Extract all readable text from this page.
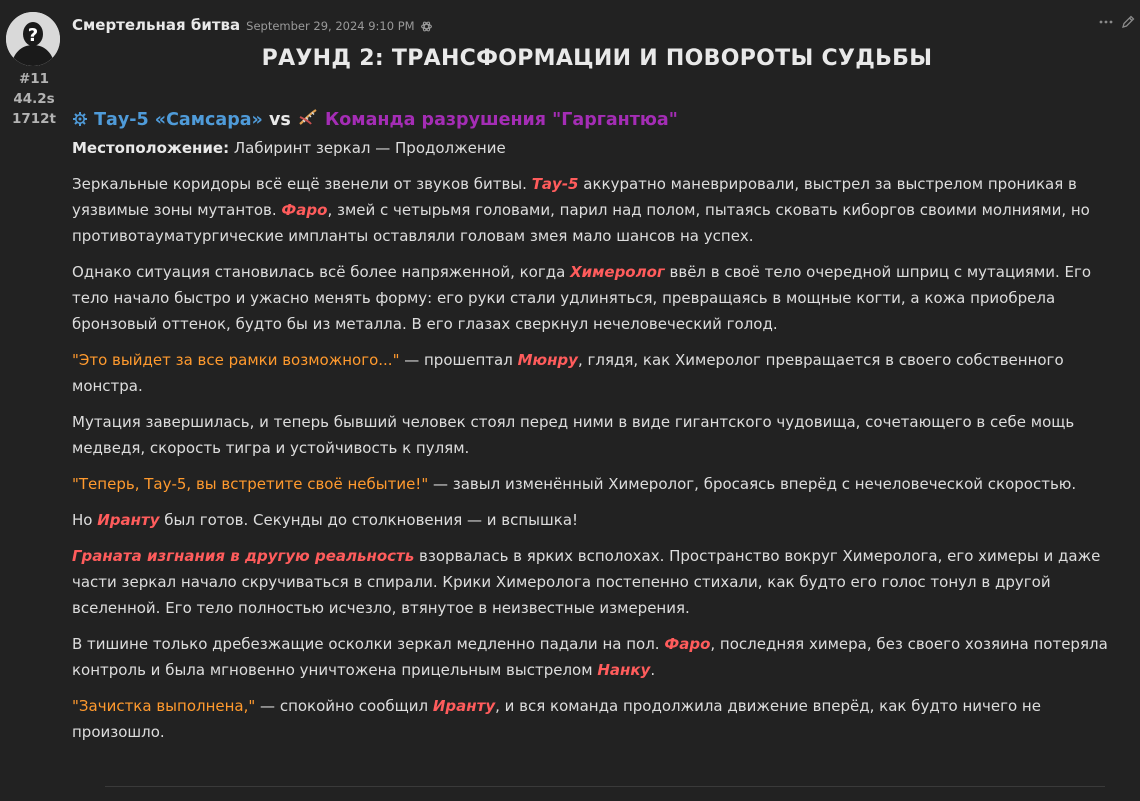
?
#11
44.2s
1712t
Смертельная битва September 29, 2024 9:10 PM
РАУНД 2: ТРАНСФОРМАЦИИ И ПОВОРОТЫ СУДЬБЫ
Тау-5 «Самсара» vs Команда разрушения "Гаргантюа"

Местоположение: Лабиринт зеркал — Продолжение

Зеркальные коридоры всё ещё звенели от звуков битвы. Тау-5 аккуратно маневрировали, выстрел за выстрелом проникая в уязвимые зоны мутантов. Фаро, змей с четырьмя головами, парил над полом, пытаясь сковать киборгов своими молниями, но противотауматургические импланты оставляли головам змея мало шансов на успех.

Однако ситуация становилась всё более напряженной, когда Химеролог ввёл в своё тело очередной шприц с мутациями. Его тело начало быстро и ужасно менять форму: его руки стали удлиняться, превращаясь в мощные когти, а кожа приобрела бронзовый оттенок, будто бы из металла. В его глазах сверкнул нечеловеческий голод.

"Это выйдет за все рамки возможного..." — прошептал Мюнру, глядя, как Химеролог превращается в своего собственного монстра.

Мутация завершилась, и теперь бывший человек стоял перед ними в виде гигантского чудовища, сочетающего в себе мощь медведя, скорость тигра и устойчивость к пулям.

"Теперь, Тау-5, вы встретите своё небытие!" — завыл изменённый Химеролог, бросаясь вперёд с нечеловеческой скоростью.

Но Иранту был готов. Секунды до столкновения — и вспышка!

Граната изгнания в другую реальность взорвалась в ярких всполохах. Пространство вокруг Химеролога, его химеры и даже части зеркал начало скручиваться в спирали. Крики Химеролога постепенно стихали, как будто его голос тонул в другой вселенной. Его тело полностью исчезло, втянутое в неизвестные измерения.

В тишине только дребезжащие осколки зеркал медленно падали на пол. Фаро, последняя химера, без своего хозяина потеряла контроль и была мгновенно уничтожена прицельным выстрелом Нанку.

"Зачистка выполнена," — спокойно сообщил Иранту, и вся команда продолжила движение вперёд, как будто ничего не произошло.
